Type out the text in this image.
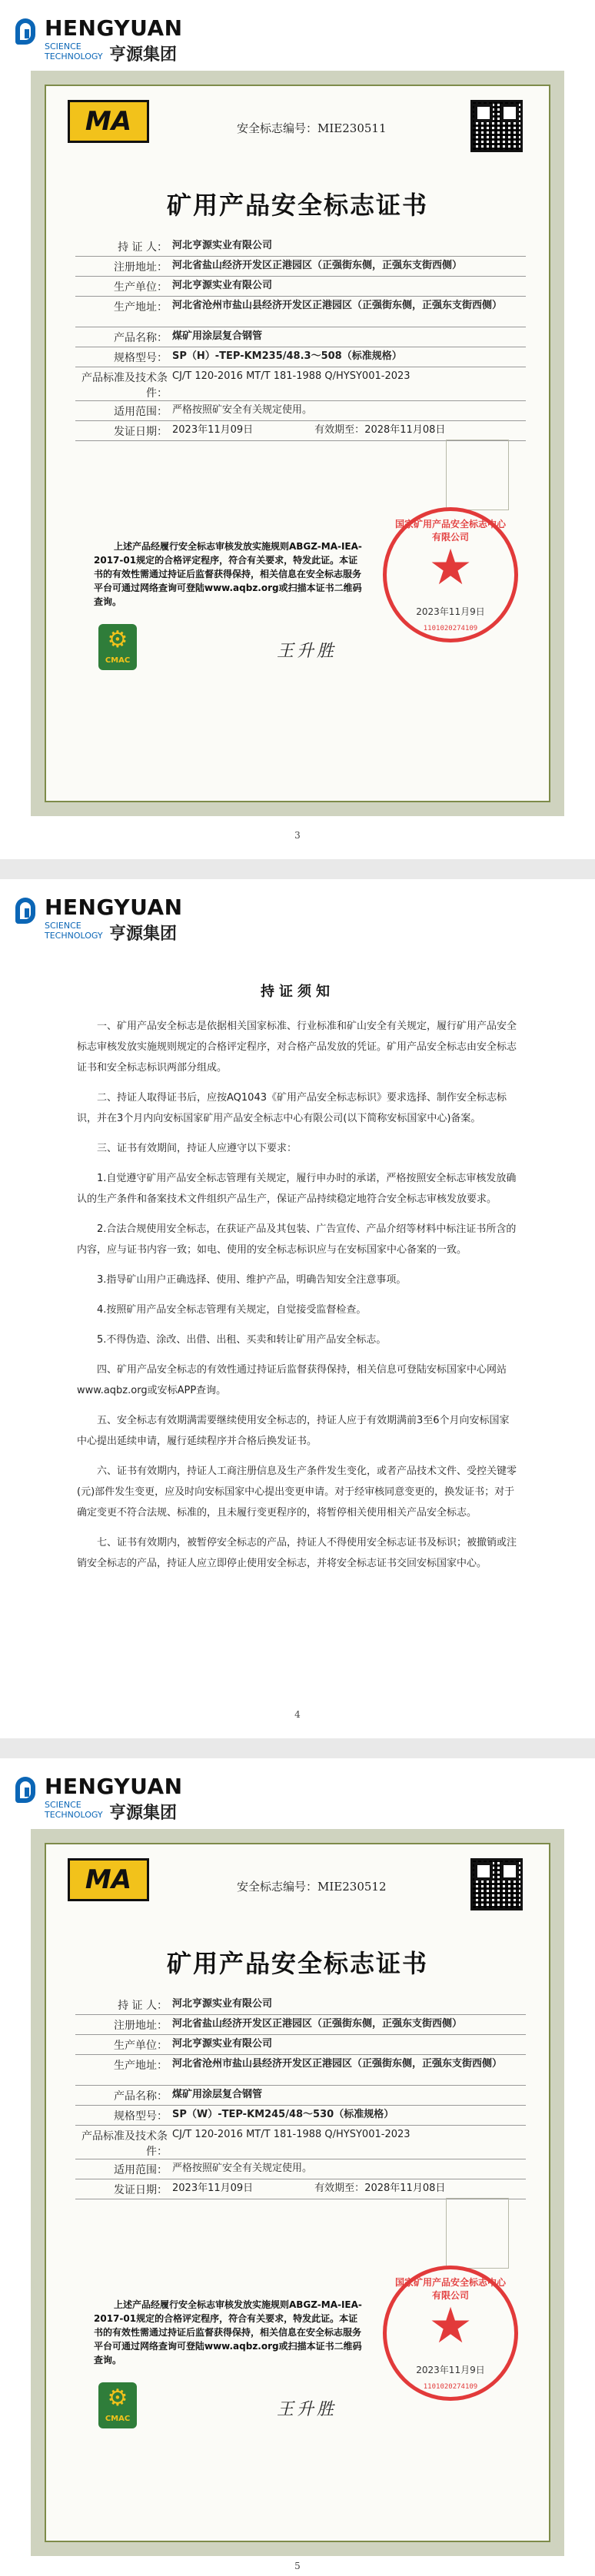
HENGYUAN
SCIENCE
TECHNOLOGY 亨源集团
MA	安全标志编号：MIE230511
矿用产品安全标志证书
持 证 人： 河北亨源实业有限公司
注册地址： 河北省盐山经济开发区正港园区（正强街东侧，正强东支街西侧）
生产单位： 河北亨源实业有限公司
生产地址： 河北省沧州市盐山县经济开发区正港园区（正强街东侧，正强东支街西侧）
产品名称： 煤矿用涂层复合钢管
规格型号： SP（H）-TEP-KM235/48.3～508（标准规格）
产品标准及技术条件：
CJ/T 120-2016 MT/T 181-1988 Q/HYSY001-2023
适用范围： 严格按照矿安全有关规定使用。
发证日期： 2023年11月09日	有效期至：2028年11月08日
上述产品经履行安全标志审核发放实施规则ABGZ-MA-IEA-2017-01规定的合格评定程序，符合有关要求，特发此证。本证书的有效性需通过持证后监督获得保持，相关信息在安全标志服务平台可通过网络查询可登陆www.aqbz.org或扫描本证书二维码查询。
国家矿用产品安全标志中心有限公司
★
2023年11月9日
1101020274109
⚙
CMAC	王升胜
3
HENGYUAN
SCIENCE
TECHNOLOGY 亨源集团
持证须知

一、矿用产品安全标志是依据相关国家标准、行业标准和矿山安全有关规定，履行矿用产品安全标志审核发放实施规则规定的合格评定程序，对合格产品发放的凭证。矿用产品安全标志由安全标志证书和安全标志标识两部分组成。

二、持证人取得证书后，应按AQ1043《矿用产品安全标志标识》要求选择、制作安全标志标识，并在3个月内向安标国家矿用产品安全标志中心有限公司(以下简称安标国家中心)备案。

三、证书有效期间，持证人应遵守以下要求：

1.自觉遵守矿用产品安全标志管理有关规定，履行申办时的承诺，严格按照安全标志审核发放确认的生产条件和备案技术文件组织产品生产，保证产品持续稳定地符合安全标志审核发放要求。

2.合法合规使用安全标志，在获证产品及其包装、广告宣传、产品介绍等材料中标注证书所含的内容，应与证书内容一致；如电、使用的安全标志标识应与在安标国家中心备案的一致。

3.指导矿山用户正确选择、使用、维护产品，明确告知安全注意事项。

4.按照矿用产品安全标志管理有关规定，自觉接受监督检查。

5.不得伪造、涂改、出借、出租、买卖和转让矿用产品安全标志。

四、矿用产品安全标志的有效性通过持证后监督获得保持，相关信息可登陆安标国家中心网站www.aqbz.org或安标APP查询。

五、安全标志有效期满需要继续使用安全标志的，持证人应于有效期满前3至6个月向安标国家中心提出延续申请，履行延续程序并合格后换发证书。

六、证书有效期内，持证人工商注册信息及生产条件发生变化，或者产品技术文件、受控关键零(元)部件发生变更，应及时向安标国家中心提出变更申请。对于经审核同意变更的，换发证书；对于确定变更不符合法规、标准的，且未履行变更程序的，将暂停相关使用相关产品安全标志。

七、证书有效期内，被暂停安全标志的产品，持证人不得使用安全标志证书及标识；被撤销或注销安全标志的产品，持证人应立即停止使用安全标志，并将安全标志证书交回安标国家中心。

4
HENGYUAN
SCIENCE
TECHNOLOGY 亨源集团
MA	安全标志编号：MIE230512
矿用产品安全标志证书
持 证 人： 河北亨源实业有限公司
注册地址： 河北省盐山经济开发区正港园区（正强街东侧，正强东支街西侧）
生产单位： 河北亨源实业有限公司
生产地址： 河北省沧州市盐山县经济开发区正港园区（正强街东侧，正强东支街西侧）
产品名称： 煤矿用涂层复合钢管
规格型号： SP（W）-TEP-KM245/48～530（标准规格）
产品标准及技术条件：
CJ/T 120-2016 MT/T 181-1988 Q/HYSY001-2023
适用范围： 严格按照矿安全有关规定使用。
发证日期： 2023年11月09日	有效期至：2028年11月08日
上述产品经履行安全标志审核发放实施规则ABGZ-MA-IEA-2017-01规定的合格评定程序，符合有关要求，特发此证。本证书的有效性需通过持证后监督获得保持，相关信息在安全标志服务平台可通过网络查询可登陆www.aqbz.org或扫描本证书二维码查询。
国家矿用产品安全标志中心有限公司
★
2023年11月9日
1101020274109
⚙
CMAC	王升胜
5
